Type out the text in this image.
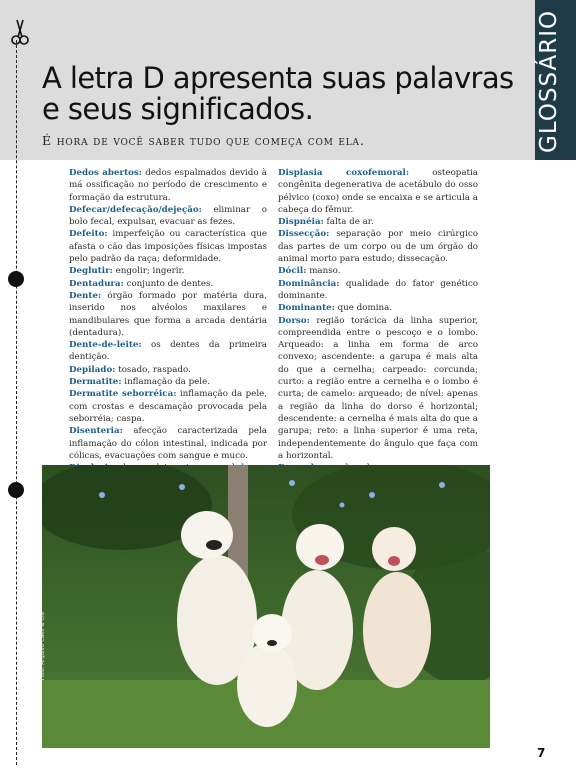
GLOSSÁRIO
A letra D apresenta suas palavras e seus significados.
É hora de você saber tudo que começa com ela.

Dedos abertos: dedos espalmados devido à má ossificação no período de crescimento e formação da estrutura.

Defecar/defecação/dejeção: eliminar o bolo fecal, expulsar, evacuar as fezes.

Defeito: imperfeição ou característica que afasta o cão das imposições físicas impostas pelo padrão da raça; deformidade.

Deglutir: engolir; ingerir.

Dentadura: conjunto de dentes.

Dente: órgão formado por matéria dura, inserido nos alvéolos maxilares e mandibulares que forma a arcada dentária (dentadura).

Dente-de-leite: os dentes da primeira dentição.

Depilado: tosado, raspado.

Dermatite: inflamação da pele.

Dermatite seborréica: inflamação da pele, com crostas e descamação provocada pela seborréia; caspa.

Disenteria: afecção caracterizada pela inflamação do cólon intestinal, indicada por cólicas, evacuações com sangue e muco.

Displasia coxofemoral: osteopatia congênita degenerativa de acetábulo do osso pélvico (coxo) onde se encaixa e se articula a cabeça do fêmur.

Dispnéia: falta de ar.

Dissecção: separação por meio cirúrgico das partes de um corpo ou de um órgão do animal morto para estudo; dissecação.

Dócil: manso.

Dominância: qualidade do fator genético dominante.

Dominante: que domina.

Dorso: região torácica da linha superior, compreendida entre o pescoço e o lombo. Arqueado: a linha em forma de arco convexo; ascendente: a garupa é mais alta do que a cernelha; carpeado: corcunda; curto: a região entre a cernelha e o lombo é curta; de camelo: arqueado; de nível: apenas a região da linha do dorso é horizontal; descendente: a cernelha é mais alta do que a garupa; reto: a linha superior é uma reta, independentemente do ângulo que faça com a horizontal.

Foto: Arquivo Cães & Cia
7
